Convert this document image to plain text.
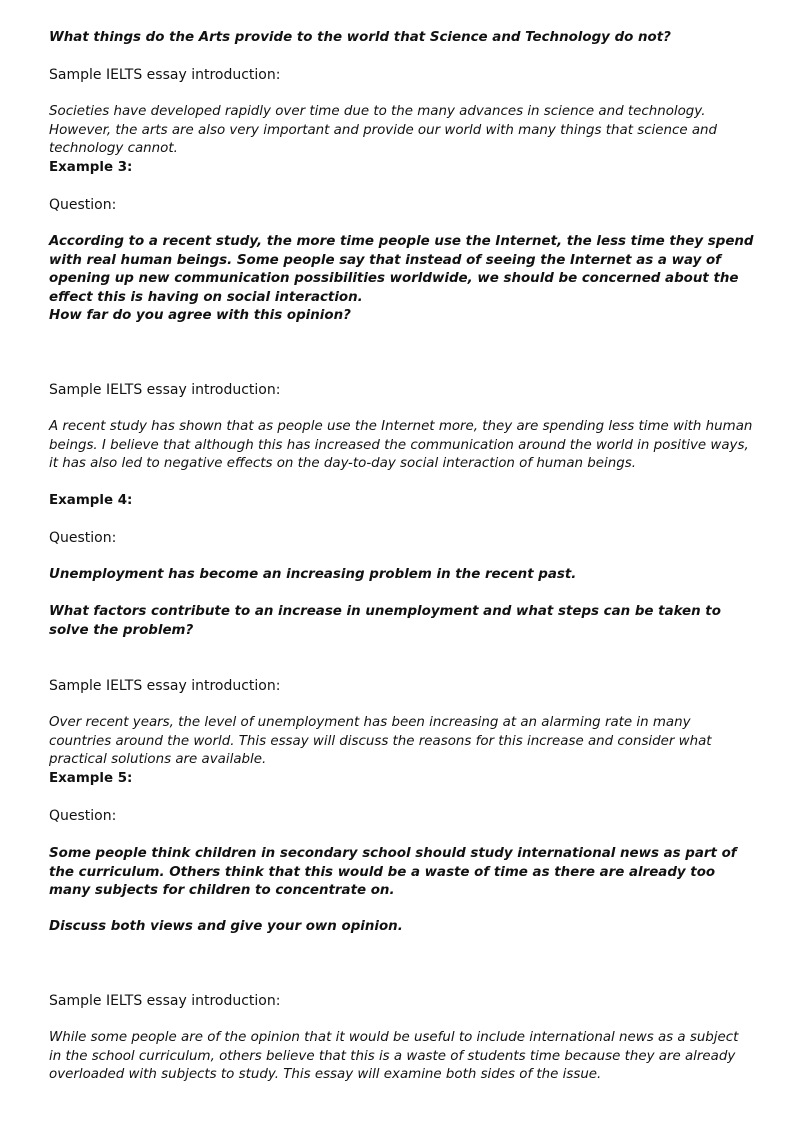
What things do the Arts provide to the world that Science and Technology do not?

Sample IELTS essay introduction:

Societies have developed rapidly over time due to the many advances in science and technology. However, the arts are also very important and provide our world with many things that science and technology cannot.

Example 3:

Question:

According to a recent study, the more time people use the Internet, the less time they spend with real human beings. Some people say that instead of seeing the Internet as a way of opening up new communication possibilities worldwide, we should be concerned about the effect this is having on social interaction.

How far do you agree with this opinion?

Sample IELTS essay introduction:

A recent study has shown that as people use the Internet more, they are spending less time with human beings. I believe that although this has increased the communication around the world in positive ways, it has also led to negative effects on the day-to-day social interaction of human beings.

Example 4:

Question:

Unemployment has become an increasing problem in the recent past.

What factors contribute to an increase in unemployment and what steps can be taken to solve the problem?

Sample IELTS essay introduction:

Over recent years, the level of unemployment has been increasing at an alarming rate in many countries around the world. This essay will discuss the reasons for this increase and consider what practical solutions are available.

Example 5:

Question:

Some people think children in secondary school should study international news as part of the curriculum. Others think that this would be a waste of time as there are already too many subjects for children to concentrate on.

Discuss both views and give your own opinion.

Sample IELTS essay introduction:

While some people are of the opinion that it would be useful to include international news as a subject in the school curriculum, others believe that this is a waste of students time because they are already overloaded with subjects to study. This essay will examine both sides of the issue.
